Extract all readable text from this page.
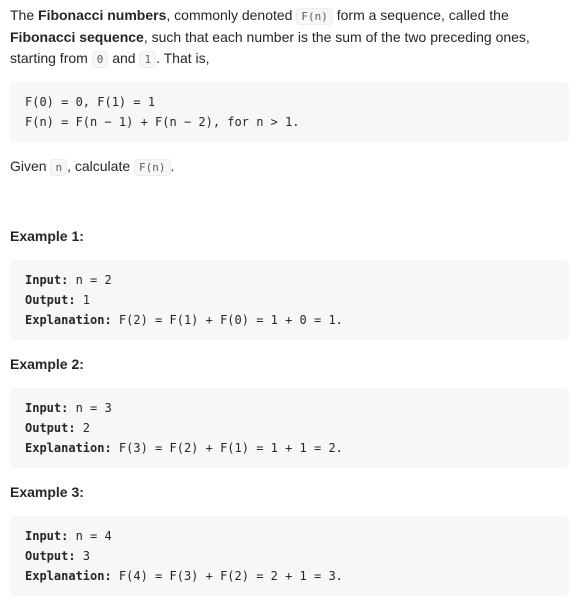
The Fibonacci numbers, commonly denoted F(n) form a sequence, called the Fibonacci sequence, such that each number is the sum of the two preceding ones, starting from 0 and 1 . That is,
F(0) = 0, F(1) = 1
F(n) = F(n − 1) + F(n − 2), for n > 1.
Given n , calculate F(n) .
Example 1:
Input: n = 2
Output: 1
Explanation: F(2) = F(1) + F(0) = 1 + 0 = 1.
Example 2:
Input: n = 3
Output: 2
Explanation: F(3) = F(2) + F(1) = 1 + 1 = 2.
Example 3:
Input: n = 4
Output: 3
Explanation: F(4) = F(3) + F(2) = 2 + 1 = 3.
